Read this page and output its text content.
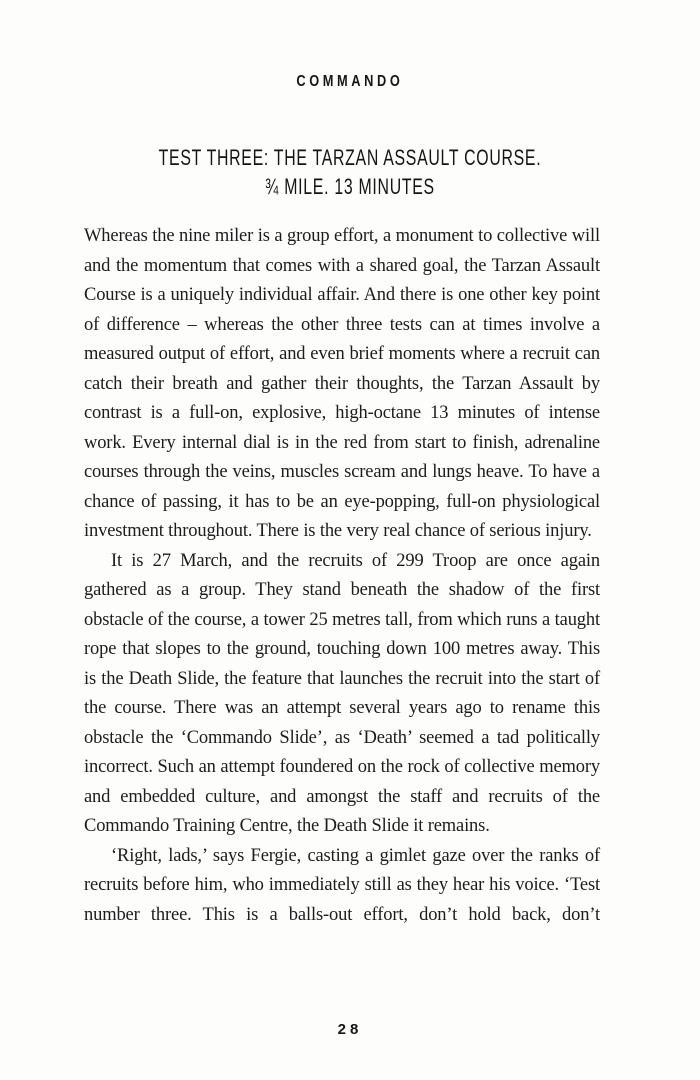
COMMANDO
TEST THREE: THE TARZAN ASSAULT COURSE.
¾ MILE. 13 MINUTES

Whereas the nine miler is a group effort, a monument to collective will and the momentum that comes with a shared goal, the Tarzan Assault Course is a uniquely individual affair. And there is one other key point of difference – whereas the other three tests can at times involve a measured output of effort, and even brief moments where a recruit can catch their breath and gather their thoughts, the Tarzan Assault by contrast is a full-on, explosive, high-octane 13 minutes of intense work. Every internal dial is in the red from start to finish, adrenaline courses through the veins, muscles scream and lungs heave. To have a chance of passing, it has to be an eye-popping, full-on physiological investment throughout. There is the very real chance of serious injury.

It is 27 March, and the recruits of 299 Troop are once again gathered as a group. They stand beneath the shadow of the first obstacle of the course, a tower 25 metres tall, from which runs a taught rope that slopes to the ground, touching down 100 metres away. This is the Death Slide, the feature that launches the recruit into the start of the course. There was an attempt several years ago to rename this obstacle the ‘Commando Slide’, as ‘Death’ seemed a tad politically incorrect. Such an attempt foundered on the rock of collective memory and embedded culture, and amongst the staff and recruits of the Commando Training Centre, the Death Slide it remains.

‘Right, lads,’ says Fergie, casting a gimlet gaze over the ranks of recruits before him, who immediately still as they hear his voice. ‘Test number three. This is a balls-out effort, don’t hold back, don’t

28
